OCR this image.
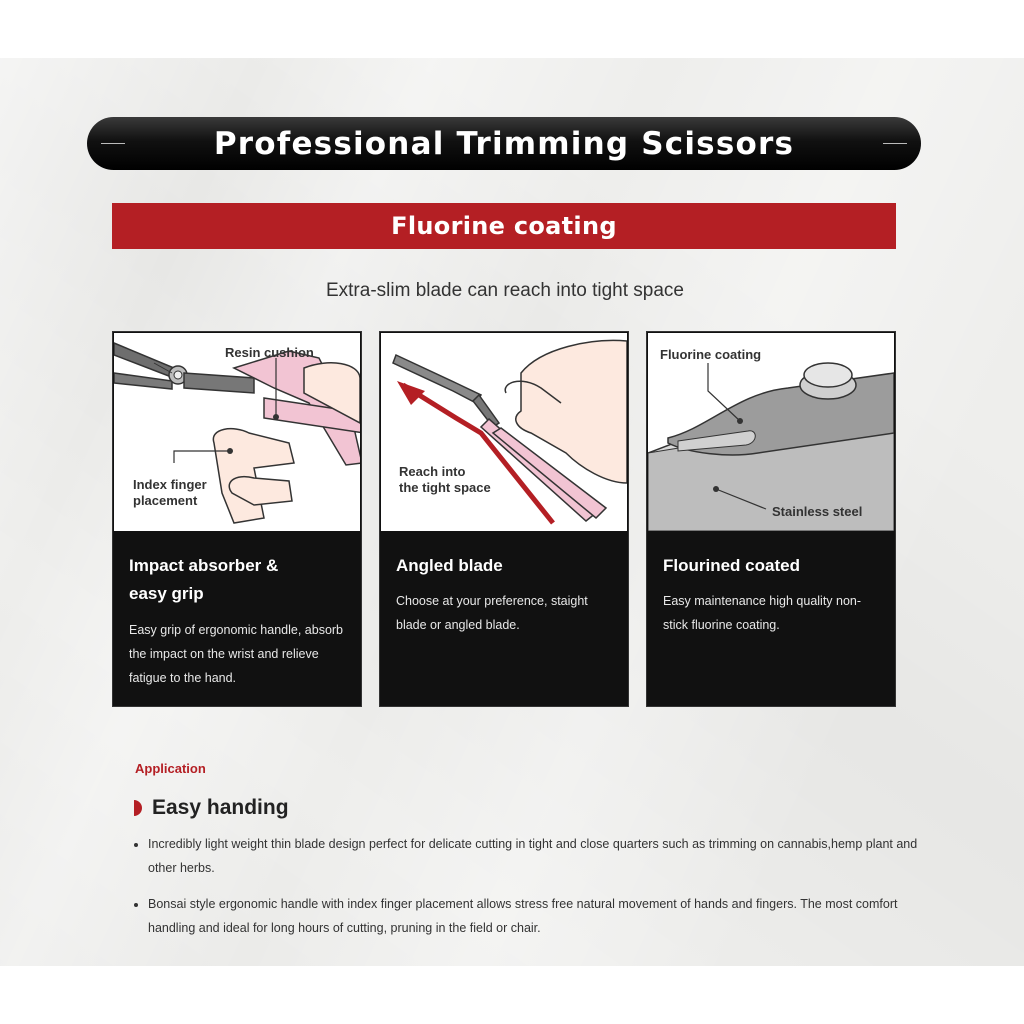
Professional Trimming Scissors
Fluorine coating
Extra-slim blade can reach into tight space
Resin cushion
Index finger
placement
Impact absorber &
easy grip

Easy grip of ergonomic handle, absorb the impact on the wrist and relieve fatigue to the hand.

Reach into
the tight space
Angled blade

Choose at your preference, staight blade or angled blade.

Fluorine coating
Stainless steel
Flourined coated

Easy maintenance high quality non-stick fluorine coating.

Application
Easy handing
• Incredibly light weight thin blade design perfect for delicate cutting in tight and close quarters such as trimming on cannabis,hemp plant and other herbs.
• Bonsai style ergonomic handle with index finger placement allows stress free natural movement of hands and fingers. The most comfort handling and ideal for long hours of cutting, pruning in the field or chair.
